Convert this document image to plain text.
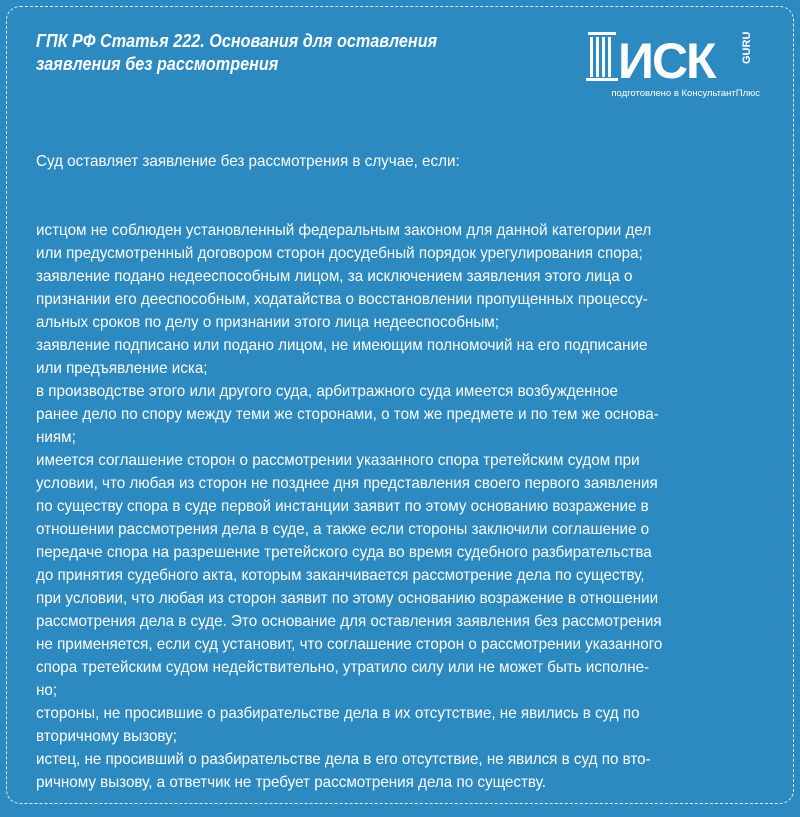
ГПК РФ Статья 222. Основания для оставления заявления без рассмотрения	ИСК GURU
подготовлено в КонсультантПлюс

Суд оставляет заявление без рассмотрения в случае, если:

истцом не соблюден установленный федеральным законом для данной категории дел
или предусмотренный договором сторон досудебный порядок урегулирования спора;
заявление подано недееспособным лицом, за исключением заявления этого лица о
признании его дееспособным, ходатайства о восстановлении пропущенных процессу-
альных сроков по делу о признании этого лица недееспособным;
заявление подписано или подано лицом, не имеющим полномочий на его подписание
или предъявление иска;
в производстве этого или другого суда, арбитражного суда имеется возбужденное
ранее дело по спору между теми же сторонами, о том же предмете и по тем же основа-
ниям;
имеется соглашение сторон о рассмотрении указанного спора третейским судом при
условии, что любая из сторон не позднее дня представления своего первого заявления
по существу спора в суде первой инстанции заявит по этому основанию возражение в
отношении рассмотрения дела в суде, а также если стороны заключили соглашение о
передаче спора на разрешение третейского суда во время судебного разбирательства
до принятия судебного акта, которым заканчивается рассмотрение дела по существу,
при условии, что любая из сторон заявит по этому основанию возражение в отношении
рассмотрения дела в суде. Это основание для оставления заявления без рассмотрения
не применяется, если суд установит, что соглашение сторон о рассмотрении указанного
спора третейским судом недействительно, утратило силу или не может быть исполне-
но;
стороны, не просившие о разбирательстве дела в их отсутствие, не явились в суд по
вторичному вызову;
истец, не просивший о разбирательстве дела в его отсутствие, не явился в суд по вто-
ричному вызову, а ответчик не требует рассмотрения дела по существу.
